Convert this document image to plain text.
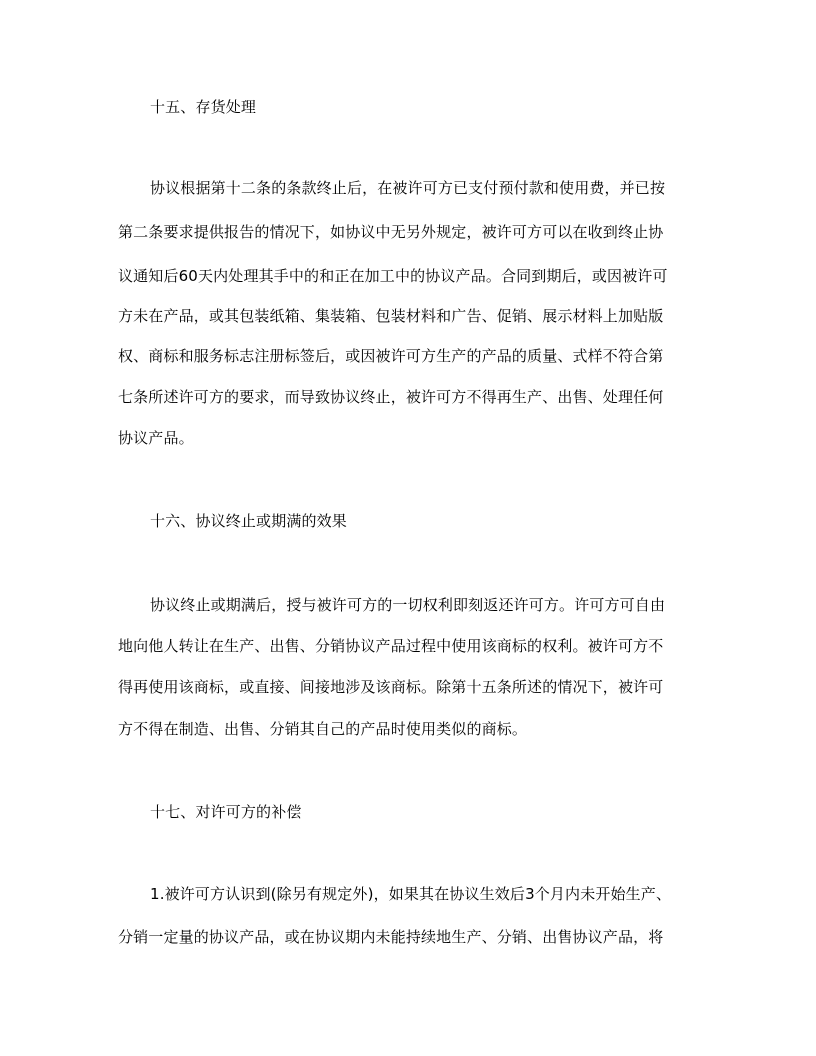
十五、存货处理
协议根据第十二条的条款终止后，在被许可方已支付预付款和使用费，并已按
第二条要求提供报告的情况下，如协议中无另外规定，被许可方可以在收到终止协
议通知后60天内处理其手中的和正在加工中的协议产品。合同到期后，或因被许可
方未在产品，或其包装纸箱、集装箱、包装材料和广告、促销、展示材料上加贴版
权、商标和服务标志注册标签后，或因被许可方生产的产品的质量、式样不符合第
七条所述许可方的要求，而导致协议终止，被许可方不得再生产、出售、处理任何
协议产品。
十六、协议终止或期满的效果
协议终止或期满后，授与被许可方的一切权利即刻返还许可方。许可方可自由
地向他人转让在生产、出售、分销协议产品过程中使用该商标的权利。被许可方不
得再使用该商标，或直接、间接地涉及该商标。除第十五条所述的情况下，被许可
方不得在制造、出售、分销其自己的产品时使用类似的商标。
十七、对许可方的补偿
1.被许可方认识到(除另有规定外)，如果其在协议生效后3个月内未开始生产、
分销一定量的协议产品，或在协议期内未能持续地生产、分销、出售协议产品，将
